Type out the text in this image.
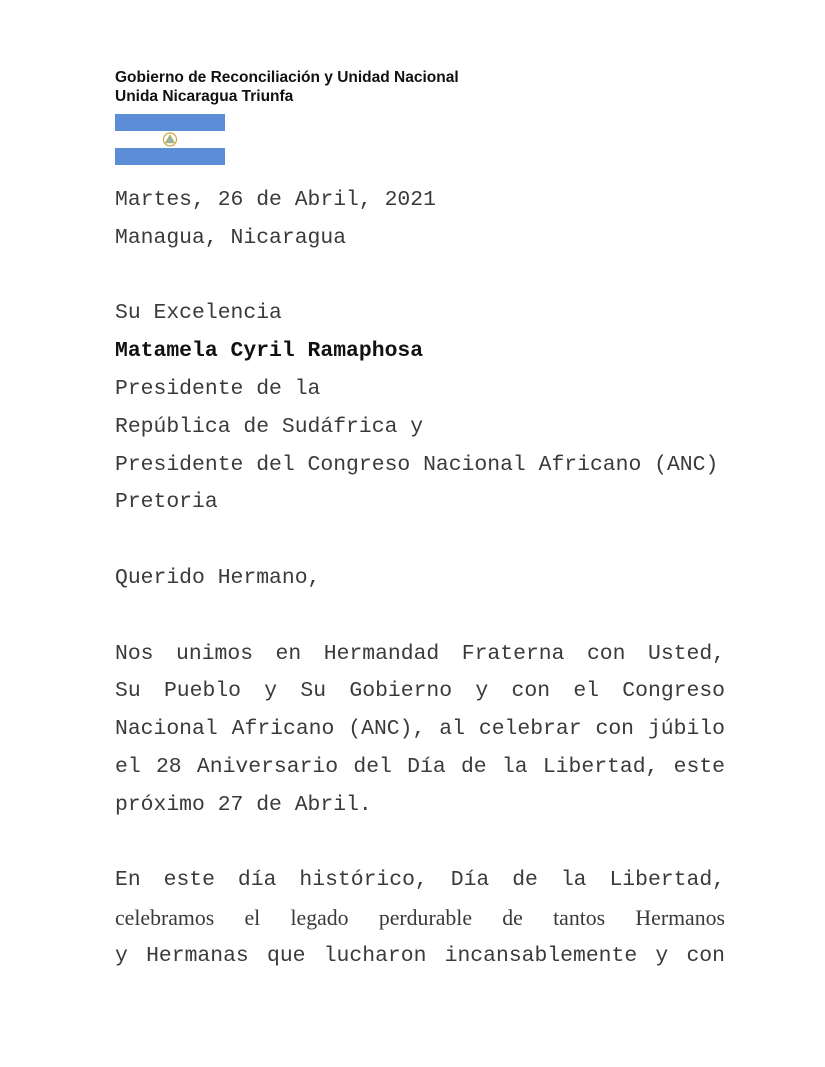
Gobierno de Reconciliación y Unidad Nacional
Unida Nicaragua Triunfa
Martes, 26 de Abril, 2021
Managua, Nicaragua
Su Excelencia
Matamela Cyril Ramaphosa
Presidente de la
República de Sudáfrica y
Presidente del Congreso Nacional Africano (ANC)
Pretoria
Querido Hermano,
Nos unimos en Hermandad Fraterna con Usted,
Su Pueblo y Su Gobierno y con el Congreso
Nacional Africano (ANC), al celebrar con júbilo
el 28 Aniversario del Día de la Libertad, este
próximo 27 de Abril.
En este día histórico, Día de la Libertad,
celebramos el legado perdurable de tantos Hermanos
y Hermanas que lucharon incansablemente y con
